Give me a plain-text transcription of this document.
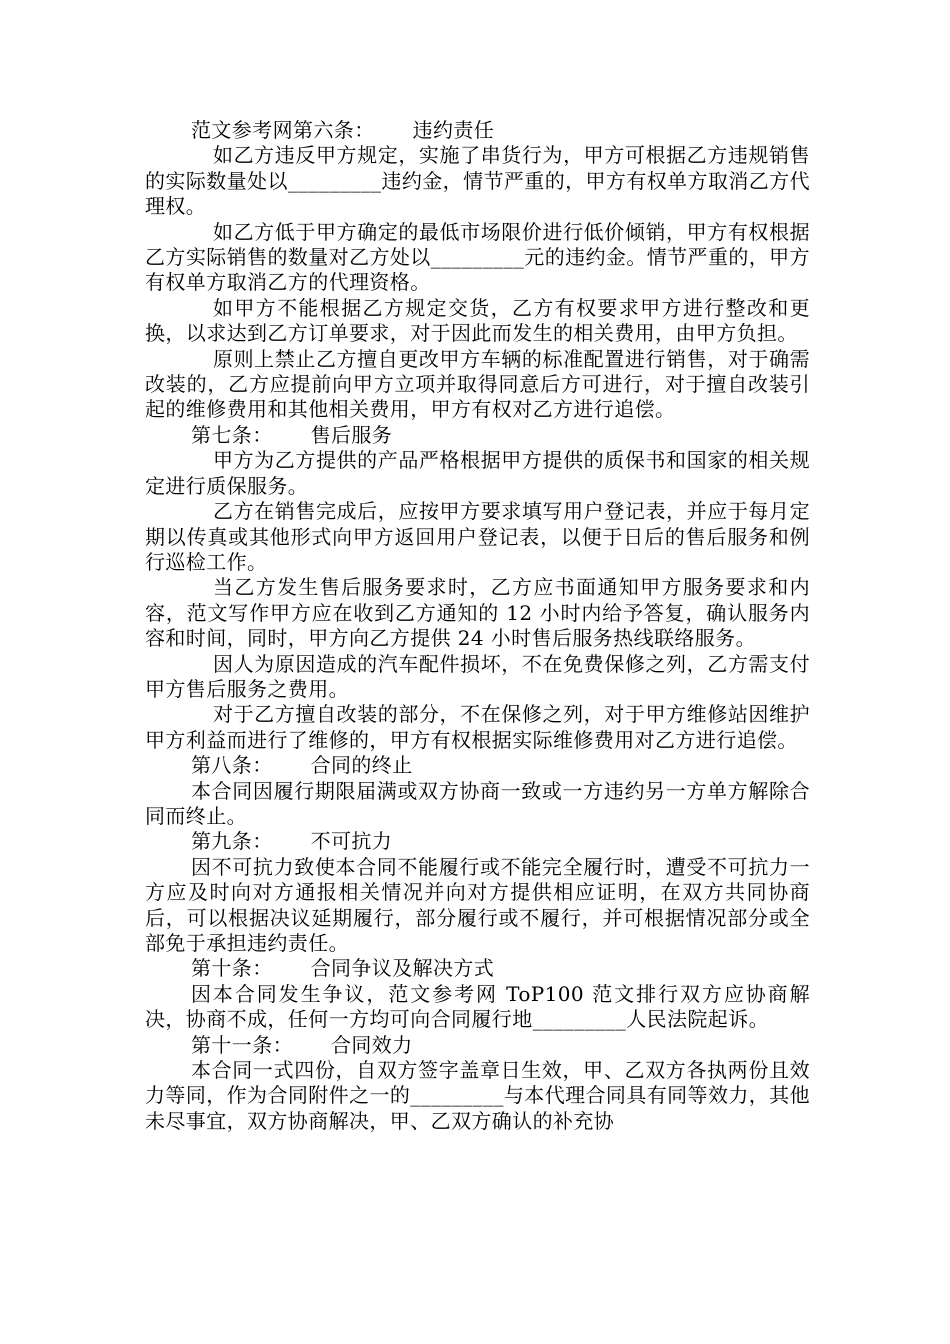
范文参考网第六条： 违约责任

如乙方违反甲方规定，实施了串货行为，甲方可根据乙方违规销售的实际数量处以_________违约金，情节严重的，甲方有权单方取消乙方代理权。

如乙方低于甲方确定的最低市场限价进行低价倾销，甲方有权根据乙方实际销售的数量对乙方处以_________元的违约金。情节严重的，甲方有权单方取消乙方的代理资格。

如甲方不能根据乙方规定交货，乙方有权要求甲方进行整改和更换，以求达到乙方订单要求，对于因此而发生的相关费用，由甲方负担。

原则上禁止乙方擅自更改甲方车辆的标准配置进行销售，对于确需改装的，乙方应提前向甲方立项并取得同意后方可进行，对于擅自改装引起的维修费用和其他相关费用，甲方有权对乙方进行追偿。

第七条： 售后服务

甲方为乙方提供的产品严格根据甲方提供的质保书和国家的相关规定进行质保服务。

乙方在销售完成后，应按甲方要求填写用户登记表，并应于每月定期以传真或其他形式向甲方返回用户登记表，以便于日后的售后服务和例行巡检工作。

当乙方发生售后服务要求时，乙方应书面通知甲方服务要求和内容，范文写作甲方应在收到乙方通知的 12 小时内给予答复，确认服务内容和时间，同时，甲方向乙方提供 24 小时售后服务热线联络服务。

因人为原因造成的汽车配件损坏，不在免费保修之列，乙方需支付甲方售后服务之费用。

对于乙方擅自改装的部分，不在保修之列，对于甲方维修站因维护甲方利益而进行了维修的，甲方有权根据实际维修费用对乙方进行追偿。

第八条： 合同的终止

本合同因履行期限届满或双方协商一致或一方违约另一方单方解除合同而终止。

第九条： 不可抗力

因不可抗力致使本合同不能履行或不能完全履行时，遭受不可抗力一方应及时向对方通报相关情况并向对方提供相应证明，在双方共同协商后，可以根据决议延期履行，部分履行或不履行，并可根据情况部分或全部免于承担违约责任。

第十条： 合同争议及解决方式

因本合同发生争议，范文参考网 ToP100 范文排行双方应协商解决，协商不成，任何一方均可向合同履行地_________人民法院起诉。

第十一条： 合同效力

本合同一式四份，自双方签字盖章日生效，甲、乙双方各执两份且效力等同，作为合同附件之一的_________与本代理合同具有同等效力，其他未尽事宜，双方协商解决，甲、乙双方确认的补充协
